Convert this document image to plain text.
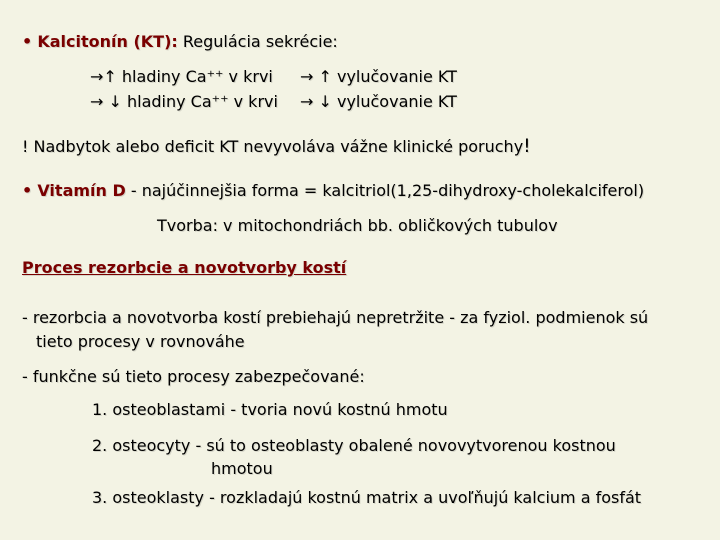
• Kalcitonín (KT): Regulácia sekrécie:
→↑ hladiny Ca⁺⁺ v krvi → ↑ vylučovanie KT
→ ↓ hladiny Ca⁺⁺ v krvi → ↓ vylučovanie KT
! Nadbytok alebo deficit KT nevyvoláva vážne klinické poruchy!
• Vitamín D - najúčinnejšia forma = kalcitriol(1,25-dihydroxy-cholekalciferol)
Tvorba: v mitochondriách bb. obličkových tubulov
Proces rezorbcie a novotvorby kostí
- rezorbcia a novotvorba kostí prebiehajú nepretržite - za fyziol. podmienok sú
tieto procesy v rovnováhe
- funkčne sú tieto procesy zabezpečované:
1. osteoblastami - tvoria novú kostnú hmotu
2. osteocyty - sú to osteoblasty obalené novovytvorenou kostnou
hmotou
3. osteoklasty - rozkladajú kostnú matrix a uvoľňujú kalcium a fosfát
